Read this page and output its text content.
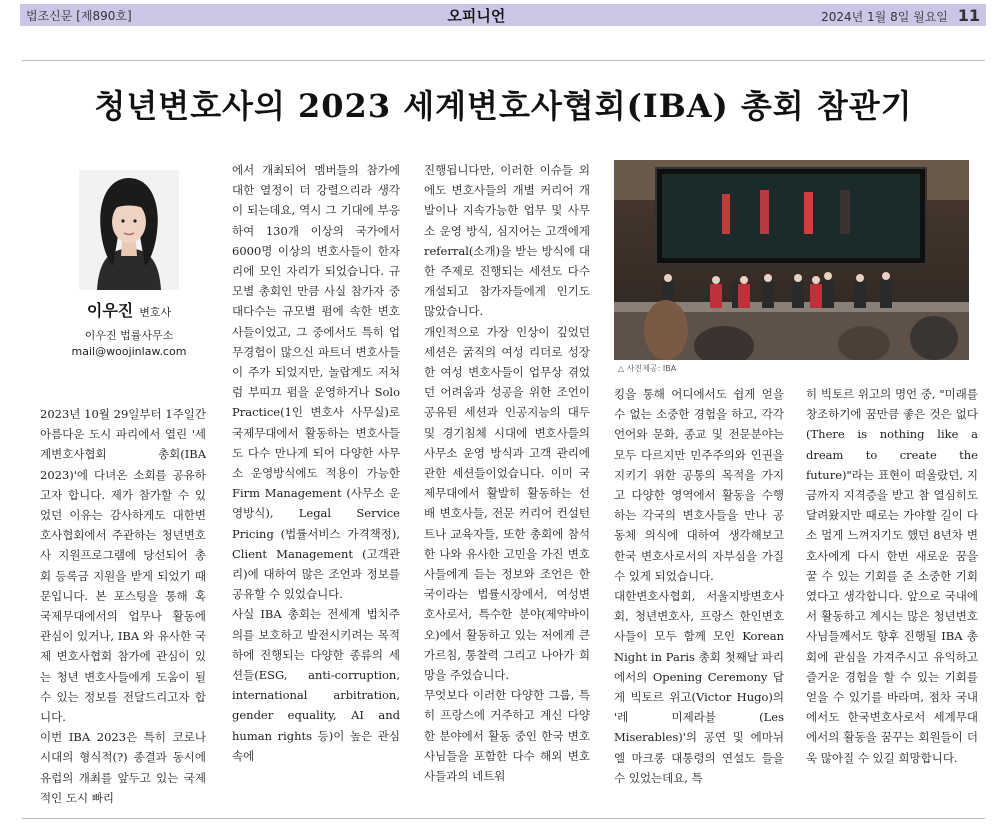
법조신문 [제890호]	오피니언	2024년 1월 8일 월요일 11
청년변호사의 2023 세계변호사협회(IBA) 총회 참관기
이우진 변호사
이우진 법률사무소
mail@woojinlaw.com
2023년 10월 29일부터 1주일간 아름다운 도시 파리에서 열린 '세계변호사협회 총회(IBA 2023)'에 다녀온 소회를 공유하고자 합니다. 제가 참가할 수 있었던 이유는 감사하게도 대한변호사협회에서 주관하는 청년변호사 지원프로그램에 당선되어 총회 등록금 지원을 받게 되었기 때문입니다. 본 포스팅을 통해 혹 국제무대에서의 업무나 활동에 관심이 있거나, IBA 와 유사한 국제 변호사협회 참가에 관심이 있는 청년 변호사들에게 도움이 될 수 있는 정보를 전달드리고자 합니다.
이번 IBA 2023은 특히 코로나 시대의 형식적(?) 종결과 동시에 유럽의 개최를 앞두고 있는 국제적인 도시 빠리
에서 개최되어 멤버들의 참가에 대한 열정이 더 강렬으리라 생각이 되는데요, 역시 그 기대에 부응하여 130개 이상의 국가에서 6000명 이상의 변호사들이 한자리에 모인 자리가 되었습니다. 규모별 총회인 만큼 사실 참가자 중 대다수는 규모별 펌에 속한 변호사들이었고, 그 중에서도 특히 업무경험이 많으신 파트너 변호사들이 주가 되었지만, 놀랍게도 저처럼 부띠끄 펌을 운영하거나 Solo Practice(1인 변호사 사무실)로 국제무대에서 활동하는 변호사들도 다수 만나게 되어 다양한 사무소 운영방식에도 적용이 가능한 Firm Management (사무소 운영방식), Legal Service Pricing (법률서비스 가격책정), Client Management (고객관리)에 대하여 많은 조언과 정보를 공유할 수 있었습니다.
사실 IBA 총회는 전세계 법치주의를 보호하고 발전시키려는 목적하에 진행되는 다양한 종류의 세션들(ESG, anti-corruption, international arbitration, gender equality, AI and human rights 등)이 높은 관심 속에
진행됩니다만, 이러한 이슈들 외에도 변호사들의 개별 커리어 개발이나 지속가능한 업무 및 사무소 운영 방식, 심지어는 고객에게 referral(소개)을 받는 방식에 대한 주제로 진행되는 세션도 다수 개설되고 참가자들에게 인기도 많았습니다.
개인적으로 가장 인상이 깊었던 세션은 굵직의 여성 리더로 성장한 여성 변호사들이 업무상 겪었던 어려움과 성공을 위한 조언이 공유된 세션과 인공지능의 대두 및 경기침체 시대에 변호사들의 사무소 운영 방식과 고객 관리에 관한 세션들이었습니다. 이미 국제무대에서 활발히 활동하는 선배 변호사들, 전문 커리어 컨설턴트나 교육자들, 또한 총회에 참석한 나와 유사한 고민을 가진 변호사들에게 듣는 정보와 조언은 한국이라는 법률시장에서, 여성변호사로서, 특수한 분야(제약바이오)에서 활동하고 있는 저에게 큰 가르침, 통찰력 그리고 나아가 희망을 주었습니다.
무엇보다 이러한 다양한 그룹, 특히 프랑스에 거주하고 계신 다양한 분야에서 활동 중인 한국 변호사님들을 포함한 다수 해외 변호사들과의 네트워
△ 사진제공: IBA
킹을 통해 어디에서도 쉽게 얻을 수 없는 소중한 경험을 하고, 각각 언어와 문화, 종교 및 전문분야는 모두 다르지만 민주주의와 인권을 지키기 위한 공통의 목적을 가지고 다양한 영역에서 활동을 수행하는 각국의 변호사들을 만나 공동체 의식에 대하여 생각해보고 한국 변호사로서의 자부심을 가질 수 있게 되었습니다.
대한변호사협회, 서울지방변호사회, 청년변호사, 프랑스 한인변호사들이 모두 함께 모인 Korean Night in Paris 총회 첫째날 파리에서의 Opening Ceremony 답게 빅토르 위고(Victor Hugo)의 '레 미제라블 (Les Miserables)'의 공연 및 에마뉘엘 마크롱 대통령의 연설도 들을 수 있었는데요, 특
히 빅토르 위고의 명언 중, "미래를 창조하기에 꿈만큼 좋은 것은 없다(There is nothing like a dream to create the future)"라는 표현이 떠올랐던, 지금까지 지격증을 받고 참 열심히도 달려왔지만 때로는 가야할 길이 다소 멀게 느껴지기도 했던 8년차 변호사에게 다시 한번 새로운 꿈을 꿀 수 있는 기회를 준 소중한 기회였다고 생각합니다. 앞으로 국내에서 활동하고 계시는 많은 청년변호사님들께서도 향후 진행될 IBA 총회에 관심을 가져주시고 유익하고 즐거운 경험을 할 수 있는 기회를 얻을 수 있기를 바라며, 점차 국내에서도 한국변호사로서 세계무대에서의 활동을 꿈꾸는 회원들이 더욱 많아질 수 있길 희망합니다.
